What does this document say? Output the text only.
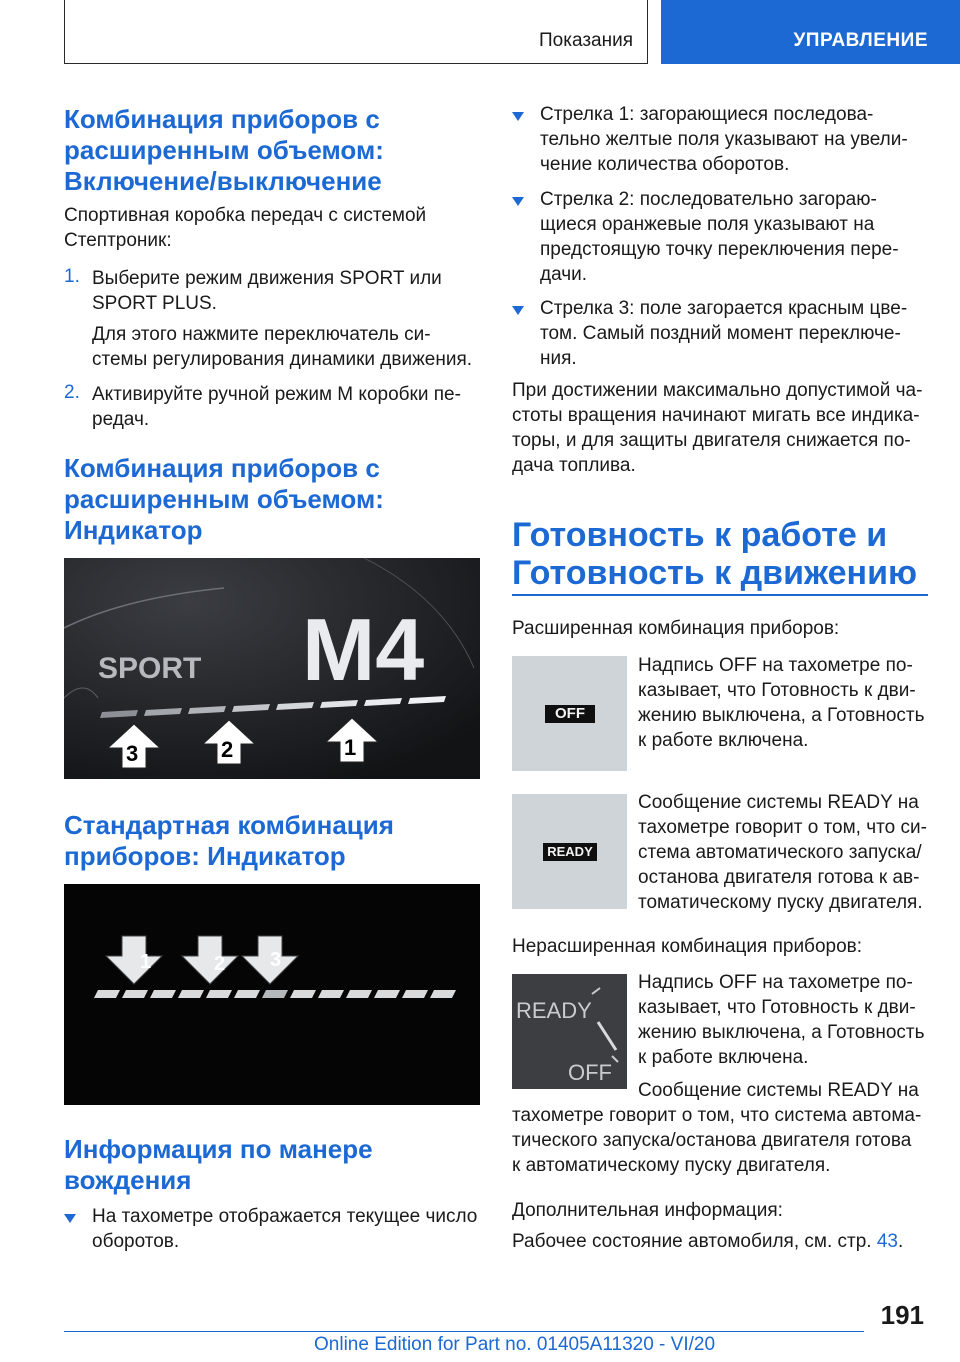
Показания	УПРАВЛЕНИЕ
Комбинация приборов с
расширенным объемом:
Включение/выключение

Спортивная коробка передач с системой
Стептроник:

1. Выберите режим движения SPORT или
SPORT PLUS.

Для этого нажмите переключатель си-
стемы регулирования динамики движения.

2. Активируйте ручной режим M коробки пе-
редач.

Комбинация приборов с
расширенным объемом:
Индикатор
SPORT M4
3	2	1
Стандартная комбинация
приборов: Индикатор
1	2 3
Информация по манере
вождения

На тахометре отображается текущее число
оборотов.

Стрелка 1: загорающиеся последова-
тельно желтые поля указывают на увели-
чение количества оборотов.

Стрелка 2: последовательно загораю-
щиеся оранжевые поля указывают на
предстоящую точку переключения пере-
дачи.

Стрелка 3: поле загорается красным цве-
том. Самый поздний момент переключе-
ния.

При достижении максимально допустимой ча-
стоты вращения начинают мигать все индика-
торы, и для защиты двигателя снижается по-
дача топлива.

Готовность к работе и
Готовность к движению

Расширенная комбинация приборов:

OFF

Надпись OFF на тахометре по-
казывает, что Готовность к дви-
жению выключена, а Готовность
к работе включена.

READY

Сообщение системы READY на
тахометре говорит о том, что си-
стема автоматического запуска/
останова двигателя готова к ав-
томатическому пуску двигателя.

Нерасширенная комбинация приборов:

READY
OFF

Надпись OFF на тахометре по-
казывает, что Готовность к дви-
жению выключена, а Готовность
к работе включена.

Сообщение системы READY на

тахометре говорит о том, что система автома-
тического запуска/останова двигателя готова
к автоматическому пуску двигателя.

Дополнительная информация:

Рабочее состояние автомобиля, см. стр. 43.

191
Online Edition for Part no. 01405A11320 - VI/20
